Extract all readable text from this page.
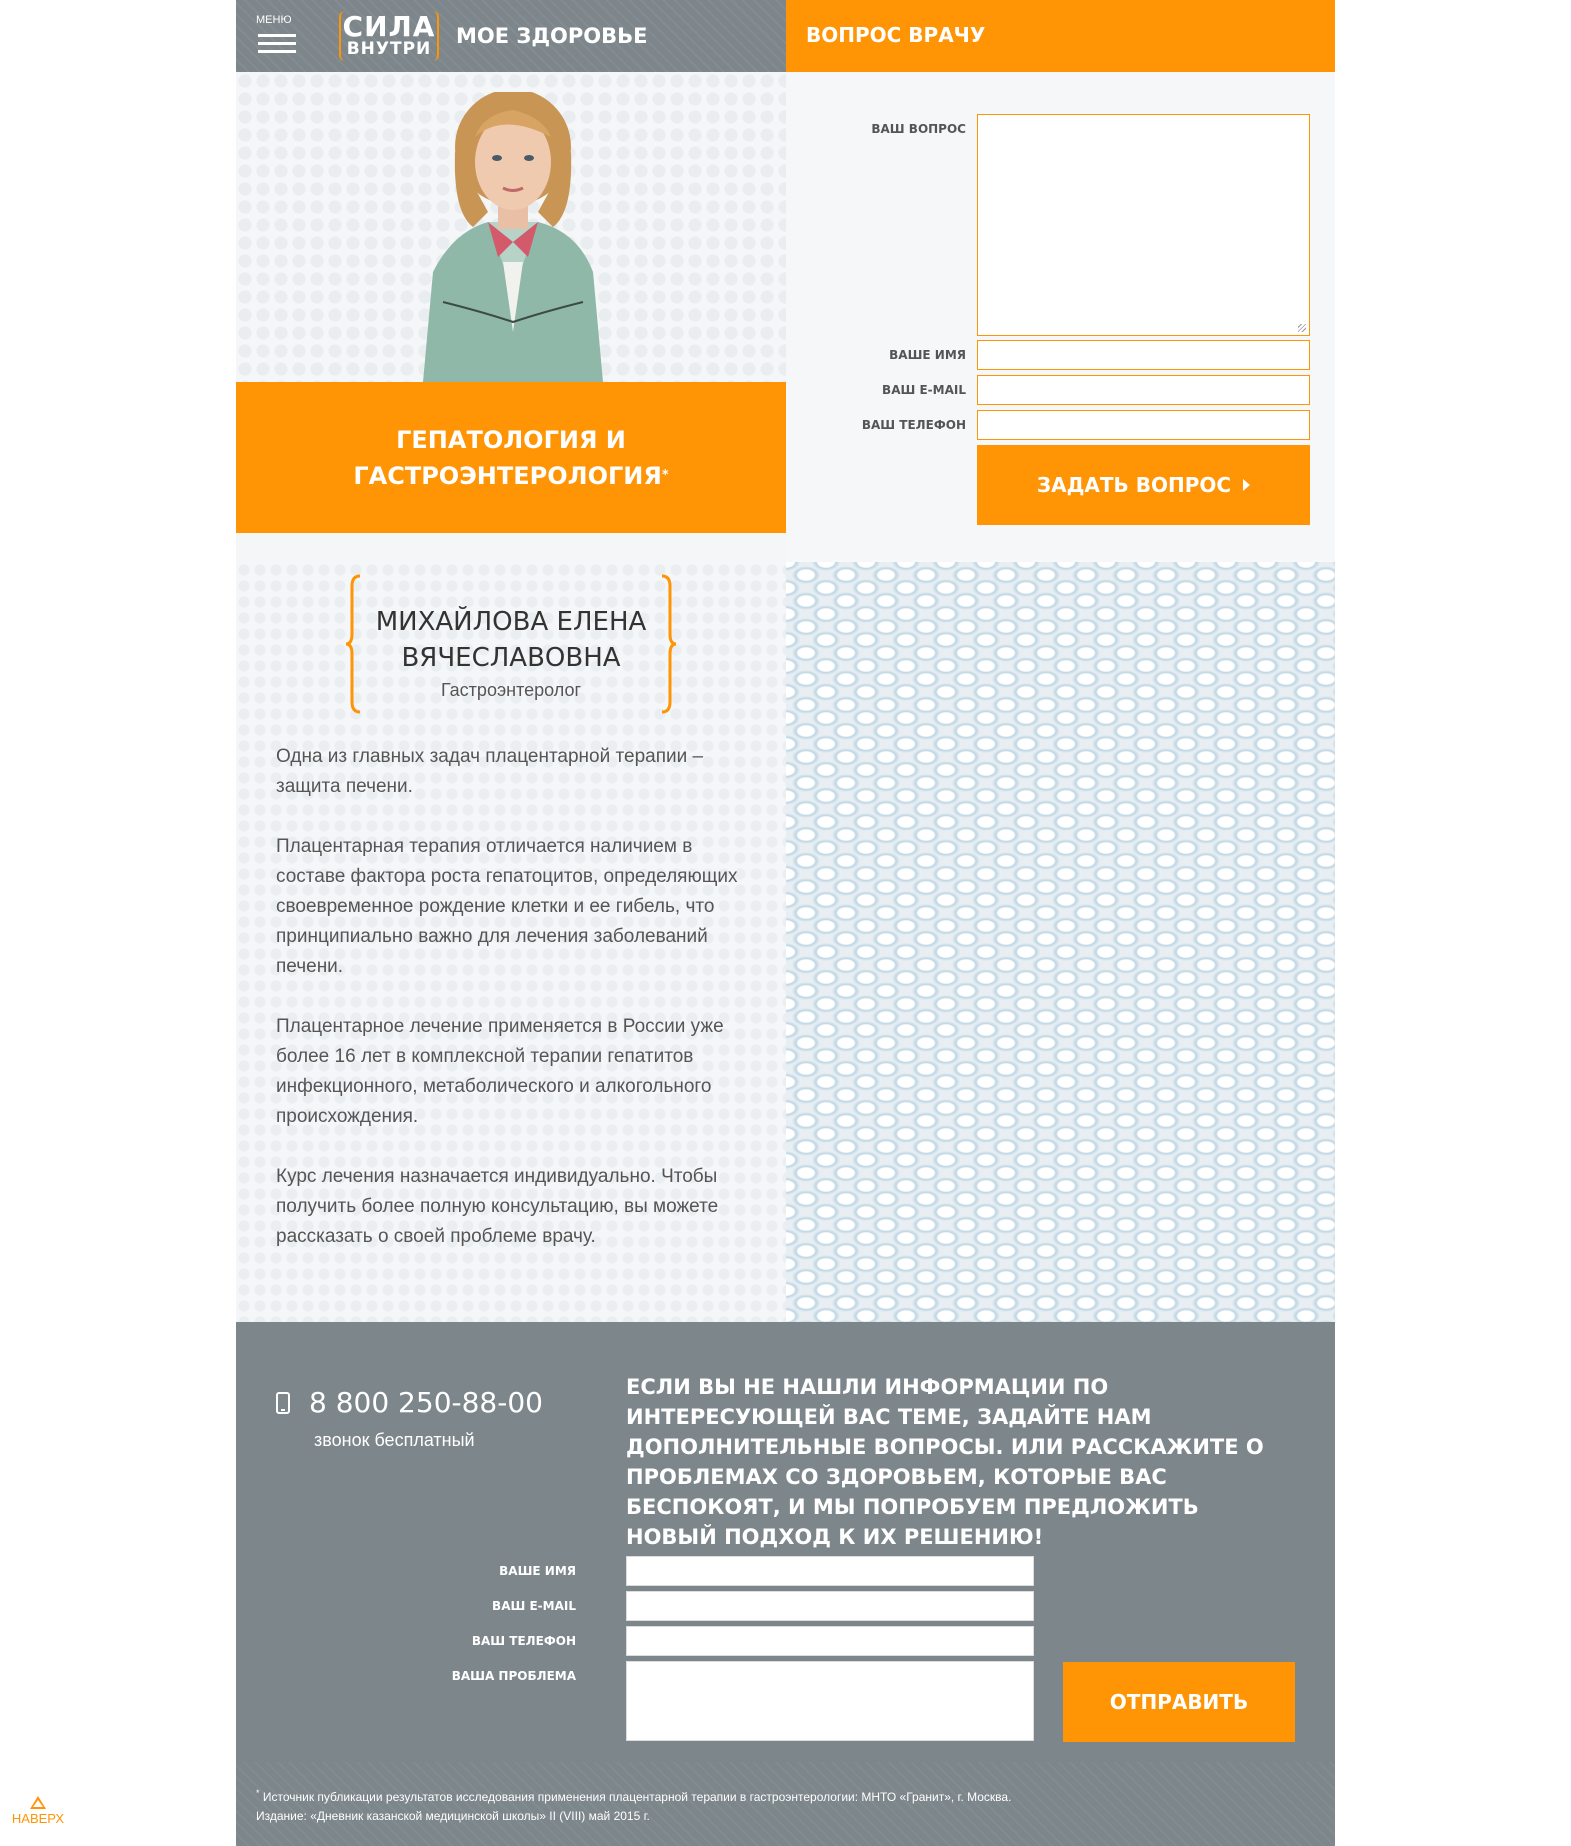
МЕНЮ СИЛА
ВНУТРИ
МОЕ ЗДОРОВЬЕ	ВОПРОС ВРАЧУ
ГЕПАТОЛОГИЯ И ГАСТРОЭНТЕРОЛОГИЯ*
ВАШ ВОПРОС
ВАШЕ ИМЯ
ВАШ E-MAIL
ВАШ ТЕЛЕФОН
ЗАДАТЬ ВОПРОС
МИХАЙЛОВА ЕЛЕНА ВЯЧЕСЛАВОВНА
Гастроэнтеролог

Одна из главных задач плацентарной терапии – защита печени.

Плацентарная терапия отличается наличием в составе фактора роста гепатоцитов, определяющих своевременное рождение клетки и ее гибель, что принципиально важно для лечения заболеваний печени.

Плацентарное лечение применяется в России уже более 16 лет в комплексной терапии гепатитов инфекционного, метаболического и алкогольного происхождения.

Курс лечения назначается индивидуально. Чтобы получить более полную консультацию, вы можете рассказать о своей проблеме врачу.

8 800 250-88-00
звонок бесплатный
ЕСЛИ ВЫ НЕ НАШЛИ ИНФОРМАЦИИ ПО ИНТЕРЕСУЮЩЕЙ ВАС ТЕМЕ, ЗАДАЙТЕ НАМ ДОПОЛНИТЕЛЬНЫЕ ВОПРОСЫ. ИЛИ РАССКАЖИТЕ О ПРОБЛЕМАХ СО ЗДОРОВЬЕМ, КОТОРЫЕ ВАС БЕСПОКОЯТ, И МЫ ПОПРОБУЕМ ПРЕДЛОЖИТЬ НОВЫЙ ПОДХОД К ИХ РЕШЕНИЮ!
ВАШЕ ИМЯ
ВАШ E-MAIL
ВАШ ТЕЛЕФОН
ВАША ПРОБЛЕМА
ОТПРАВИТЬ
* Источник публикации результатов исследования применения плацентарной терапии в гастроэнтерологии: МНТО «Гранит», г. Москва.
Издание: «Дневник казанской медицинской школы» II (VIII) май 2015 г.
НАВЕРХ
